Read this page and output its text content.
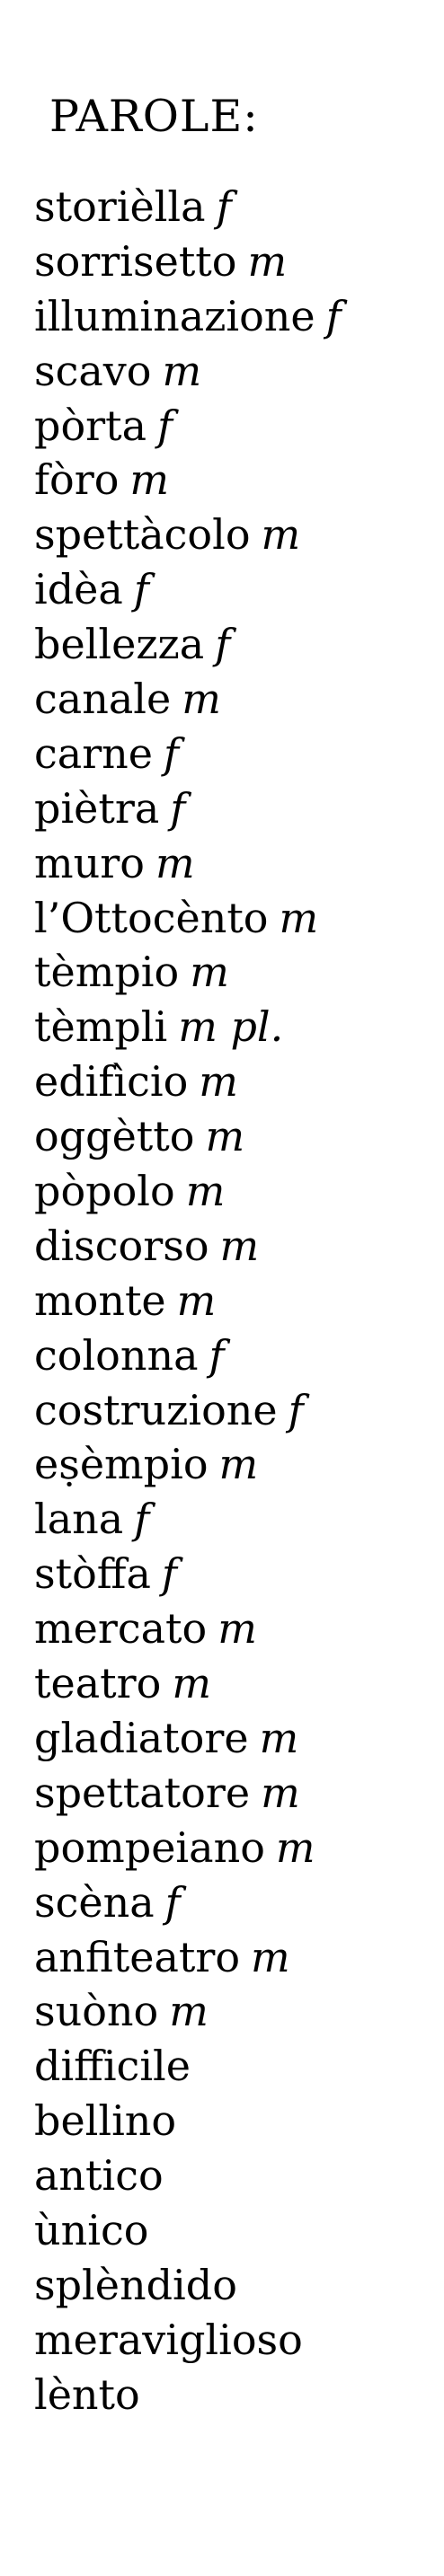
PAROLE:
storièlla f
sorrisetto m
illuminazione f
scavo m
pòrta f
fòro m
spettàcolo m
idèa f
bellezza f
canale m
carne f
piètra f
muro m
l’Ottocènto m
tèmpio m
tèmpli m pl.
edifìcio m
oggètto m
pòpolo m
discorso m
monte m
colonna f
costruzione f
eṣèmpio m
lana f
stòffa f
mercato m
teatro m
gladiatore m
spettatore m
pompeiano m
scèna f
anfiteatro m
suòno m
difficile
bellino
antico
ùnico
splèndido
meraviglioso
lènto
